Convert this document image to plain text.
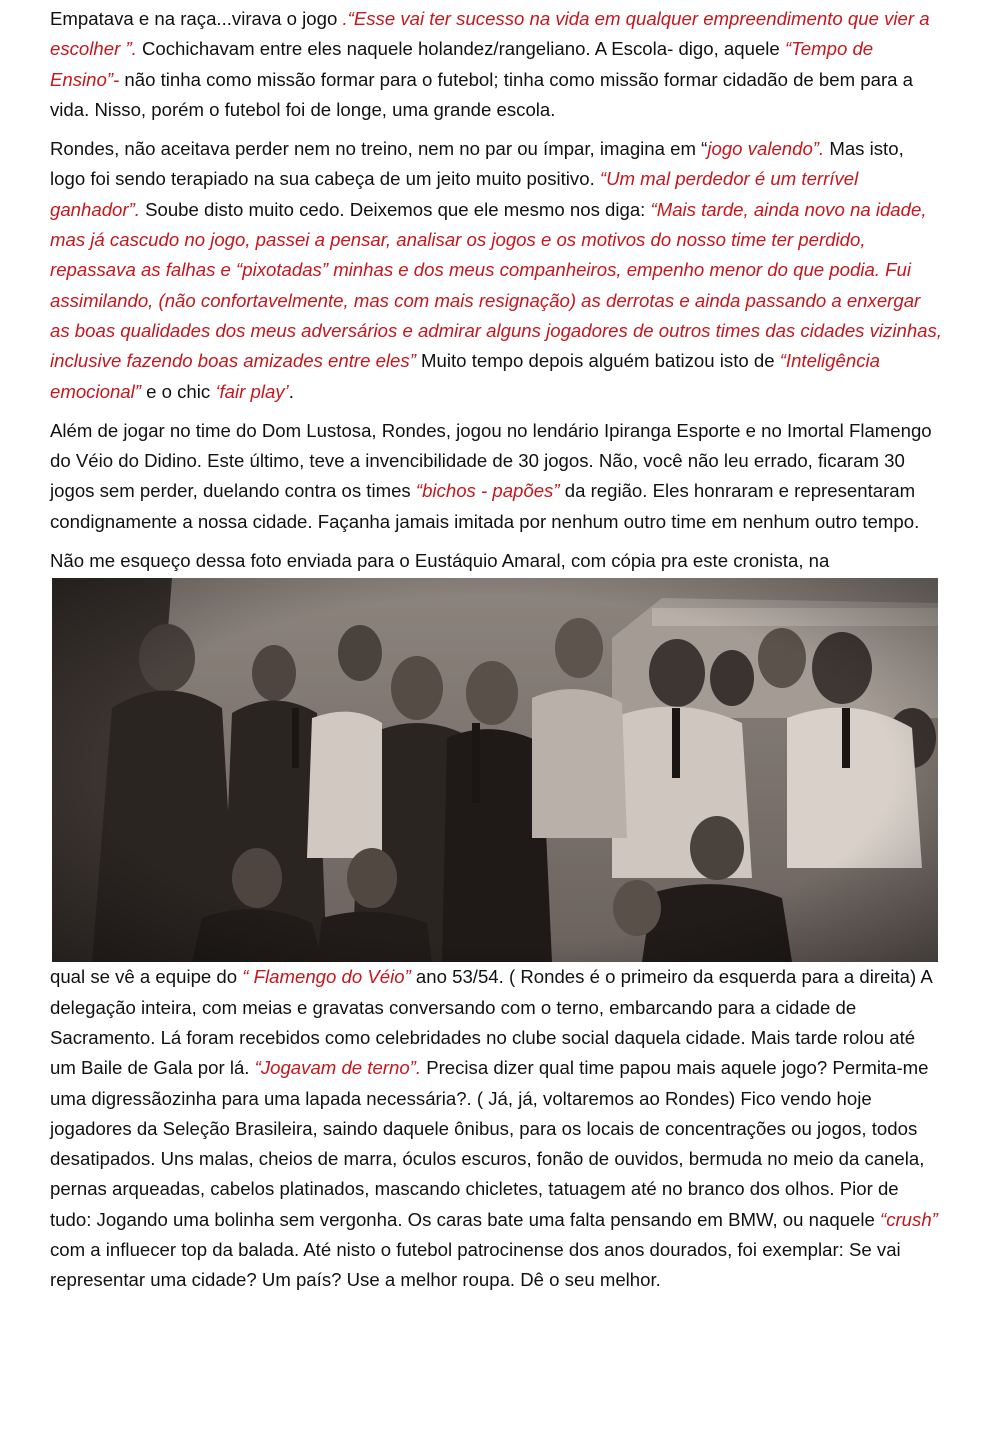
Empatava e na raça...virava o jogo .“Esse vai ter sucesso na vida em qualquer empreendimento que vier a escolher ”. Cochichavam entre eles naquele holandez/rangeliano. A Escola- digo, aquele “Tempo de Ensino”- não tinha como missão formar para o futebol; tinha como missão formar cidadão de bem para a vida. Nisso, porém o futebol foi de longe, uma grande escola.

Rondes, não aceitava perder nem no treino, nem no par ou ímpar, imagina em “jogo valendo”. Mas isto, logo foi sendo terapiado na sua cabeça de um jeito muito positivo. “Um mal perdedor é um terrível ganhador”. Soube disto muito cedo. Deixemos que ele mesmo nos diga: “Mais tarde, ainda novo na idade, mas já cascudo no jogo, passei a pensar, analisar os jogos e os motivos do nosso time ter perdido, repassava as falhas e “pixotadas” minhas e dos meus companheiros, empenho menor do que podia. Fui assimilando, (não confortavelmente, mas com mais resignação) as derrotas e ainda passando a enxergar as boas qualidades dos meus adversários e admirar alguns jogadores de outros times das cidades vizinhas, inclusive fazendo boas amizades entre eles” Muito tempo depois alguém batizou isto de “Inteligência emocional” e o chic ‘fair play’.

Além de jogar no time do Dom Lustosa, Rondes, jogou no lendário Ipiranga Esporte e no Imortal Flamengo do Véio do Didino. Este último, teve a invencibilidade de 30 jogos. Não, você não leu errado, ficaram 30 jogos sem perder, duelando contra os times “bichos - papões” da região. Eles honraram e representaram condignamente a nossa cidade. Façanha jamais imitada por nenhum outro time em nenhum outro tempo.

Não me esqueço dessa foto enviada para o Eustáquio Amaral, com cópia pra este cronista, na

qual se vê a equipe do “ Flamengo do Véio” ano 53/54. ( Rondes é o primeiro da esquerda para a direita) A delegação inteira, com meias e gravatas conversando com o terno, embarcando para a cidade de Sacramento. Lá foram recebidos como celebridades no clube social daquela cidade. Mais tarde rolou até um Baile de Gala por lá. “Jogavam de terno”. Precisa dizer qual time papou mais aquele jogo? Permita-me uma digressãozinha para uma lapada necessária?. ( Já, já, voltaremos ao Rondes) Fico vendo hoje jogadores da Seleção Brasileira, saindo daquele ônibus, para os locais de concentrações ou jogos, todos desatipados. Uns malas, cheios de marra, óculos escuros, fonão de ouvidos, bermuda no meio da canela, pernas arqueadas, cabelos platinados, mascando chicletes, tatuagem até no branco dos olhos. Pior de tudo: Jogando uma bolinha sem vergonha. Os caras bate uma falta pensando em BMW, ou naquele “crush” com a influecer top da balada. Até nisto o futebol patrocinense dos anos dourados, foi exemplar: Se vai representar uma cidade? Um país? Use a melhor roupa. Dê o seu melhor.
